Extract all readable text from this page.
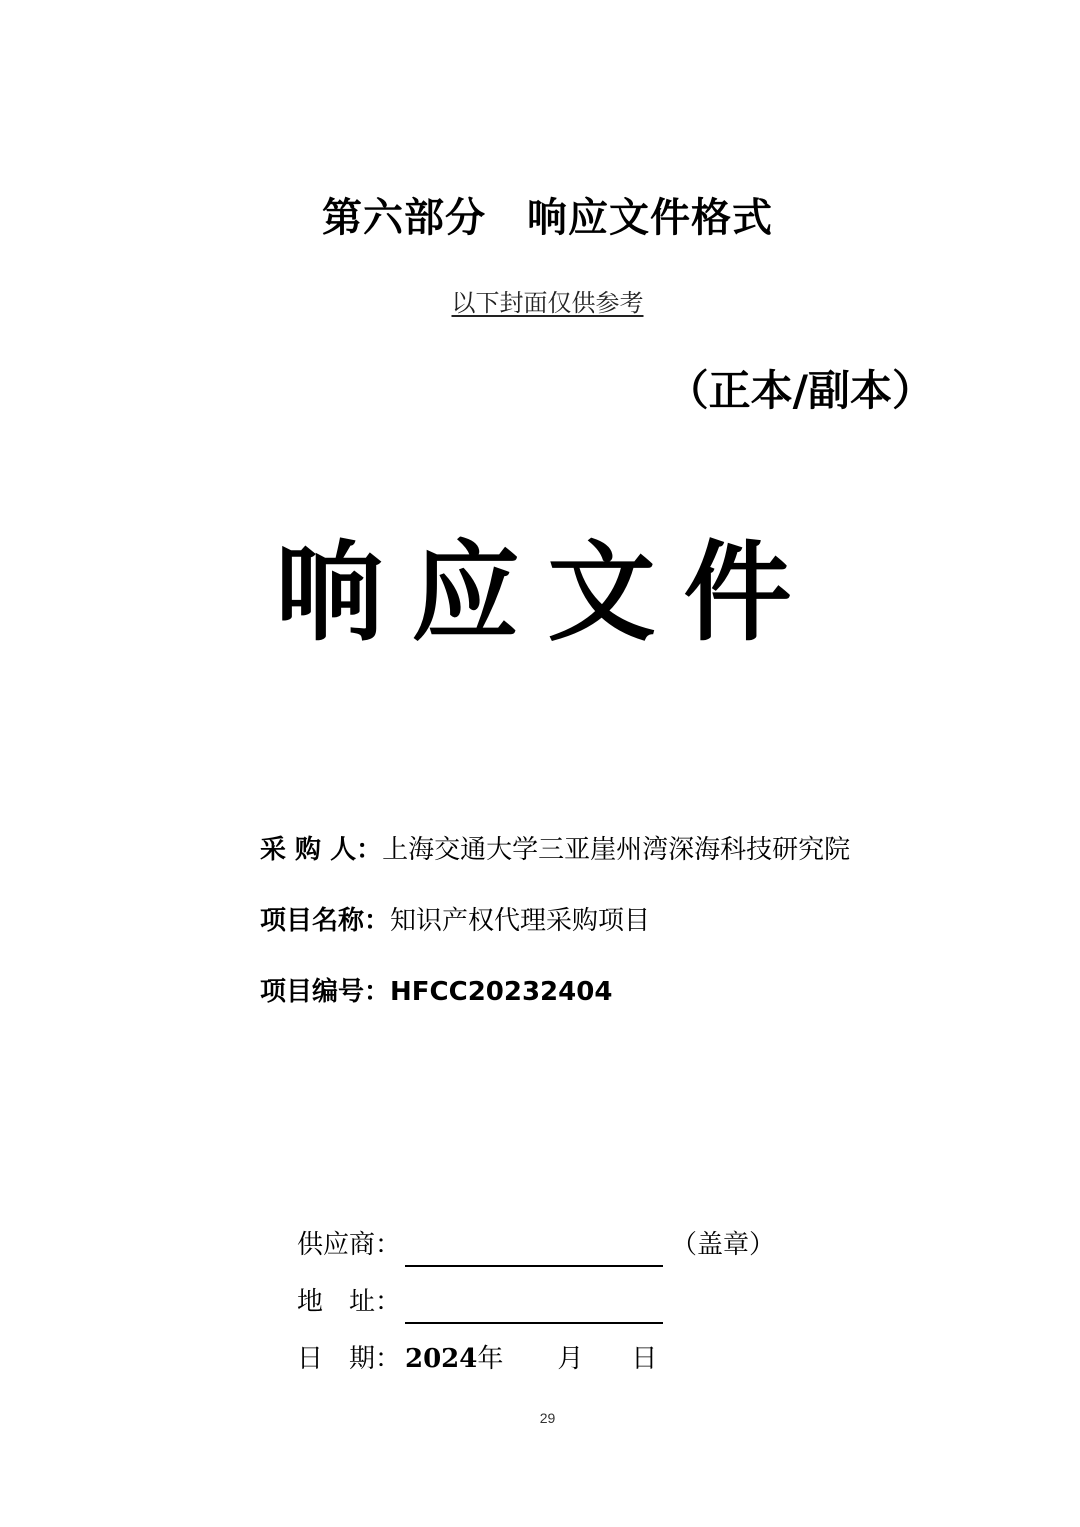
第六部分　响应文件格式
以下封面仅供参考
（正本/副本）
响应文件
采 购 人：上海交通大学三亚崖州湾深海科技研究院
项目名称：知识产权代理采购项目
项目编号：HFCC20232404
供应商：	（盖章）
地　址：
日　期： 2024 年 月 日
29
